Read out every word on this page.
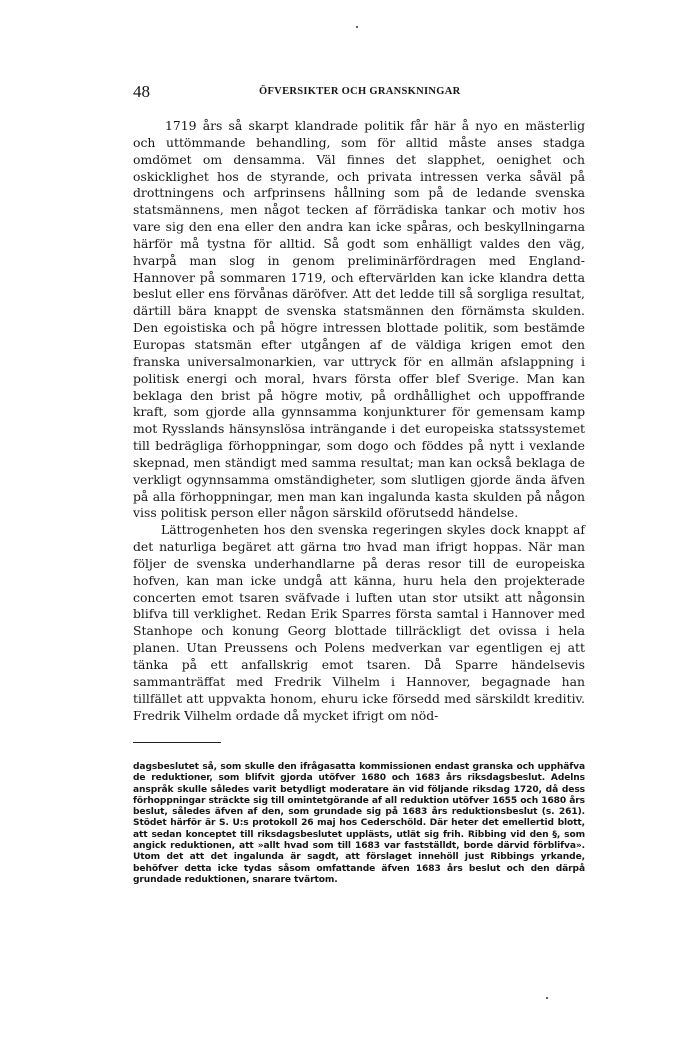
48	ÖFVERSIKTER OCH GRANSKNINGAR

1719 års så skarpt klandrade politik får här å nyo en mästerlig och uttömmande behandling, som för alltid måste anses stadga omdömet om densamma. Väl finnes det slapphet, oenighet och oskicklighet hos de styrande, och privata intressen verka såväl på drottningens och arfprinsens hållning som på de ledande svenska statsmännens, men något tecken af förrädiska tankar och motiv hos vare sig den ena eller den andra kan icke spåras, och beskyllningarna härför må tystna för alltid. Så godt som enhälligt valdes den väg, hvarpå man slog in genom preliminärfördragen med England-Hannover på sommaren 1719, och eftervärlden kan icke klandra detta beslut eller ens förvånas däröfver. Att det ledde till så sorgliga resultat, därtill bära knappt de svenska statsmännen den förnämsta skulden. Den egoistiska och på högre intressen blottade politik, som bestämde Europas statsmän efter utgången af de väldiga krigen emot den franska universalmonarkien, var uttryck för en allmän afslappning i politisk energi och moral, hvars första offer blef Sverige. Man kan beklaga den brist på högre motiv, på ordhållighet och uppoffrande kraft, som gjorde alla gynnsamma konjunkturer för gemensam kamp mot Rysslands hänsynslösa inträngande i det europeiska statssystemet till bedrägliga förhoppningar, som dogo och föddes på nytt i vexlande skepnad, men ständigt med samma resultat; man kan också beklaga de verkligt ogynnsamma omständigheter, som slutligen gjorde ända äfven på alla förhoppningar, men man kan ingalunda kasta skulden på någon viss politisk person eller någon särskild oförutsedd händelse.

Lättrogenheten hos den svenska regeringen skyles dock knappt af det naturliga begäret att gärna tro hvad man ifrigt hoppas. När man följer de svenska underhandlarne på deras resor till de europeiska hofven, kan man icke undgå att känna, huru hela den projekterade concerten emot tsaren sväfvade i luften utan stor utsikt att någonsin blifva till verklighet. Redan Erik Sparres första samtal i Hannover med Stanhope och konung Georg blottade tillräckligt det ovissa i hela planen. Utan Preussens och Polens medverkan var egentligen ej att tänka på ett anfallskrig emot tsaren. Då Sparre händelsevis sammanträffat med Fredrik Vilhelm i Hannover, begagnade han tillfället att uppvakta honom, ehuru icke försedd med särskildt kreditiv. Fredrik Vilhelm ordade då mycket ifrigt om nöd-

dagsbeslutet så, som skulle den ifrågasatta kommissionen endast granska och upphäfva de reduktioner, som blifvit gjorda utöfver 1680 och 1683 års riksdagsbeslut. Adelns anspråk skulle således varit betydligt moderatare än vid följande riksdag 1720, då dess förhoppningar sträckte sig till omintetgörande af all reduktion utöfver 1655 och 1680 års beslut, således äfven af den, som grundade sig på 1683 års reduktionsbeslut (s. 261). Stödet härför är S. U:s protokoll 26 maj hos Cederschöld. Där heter det emellertid blott, att sedan konceptet till riksdagsbeslutet upplästs, utlät sig frih. Ribbing vid den §, som angick reduktionen, att »allt hvad som till 1683 var fastställdt, borde därvid förblifva». Utom det att det ingalunda är sagdt, att förslaget innehöll just Ribbings yrkande, behöfver detta icke tydas såsom omfattande äfven 1683 års beslut och den därpå grundade reduktionen, snarare tvärtom.
